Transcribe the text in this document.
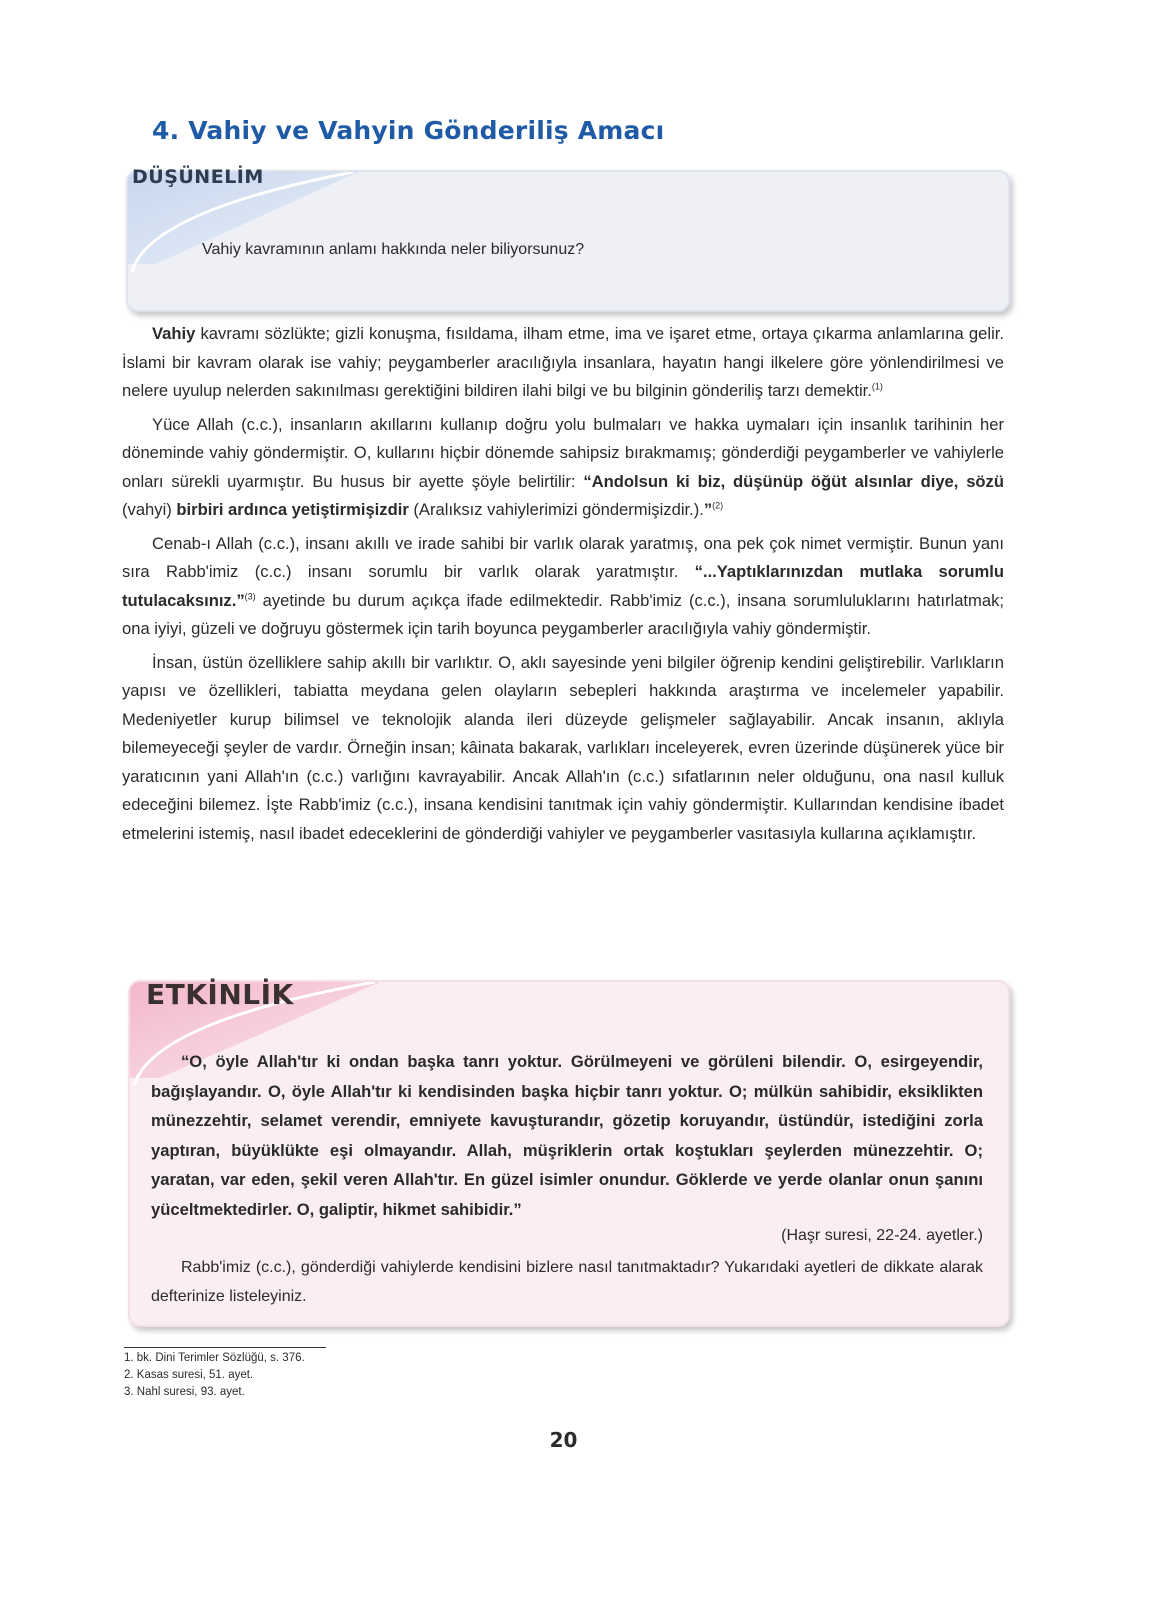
4. Vahiy ve Vahyin Gönderiliş Amacı
DÜŞÜNELİM
Vahiy kavramının anlamı hakkında neler biliyorsunuz?

Vahiy kavramı sözlükte; gizli konuşma, fısıldama, ilham etme, ima ve işaret etme, ortaya çıkarma anlamlarına gelir. İslami bir kavram olarak ise vahiy; peygamberler aracılığıyla insanlara, hayatın hangi ilkelere göre yönlendirilmesi ve nelere uyulup nelerden sakınılması gerektiğini bildiren ilahi bilgi ve bu bilginin gönderiliş tarzı demektir.$^{(1)}$

Yüce Allah (c.c.), insanların akıllarını kullanıp doğru yolu bulmaları ve hakka uymaları için insanlık tarihinin her döneminde vahiy göndermiştir. O, kullarını hiçbir dönemde sahipsiz bırakmamış; gönderdiği peygamberler ve vahiylerle onları sürekli uyarmıştır. Bu husus bir ayette şöyle belirtilir: “Andolsun ki biz, düşünüp öğüt alsınlar diye, sözü (vahyi) birbiri ardınca yetiştirmişizdir (Aralıksız vahiylerimizi göndermişizdir.).”$^{(2)}$

Cenab-ı Allah (c.c.), insanı akıllı ve irade sahibi bir varlık olarak yaratmış, ona pek çok nimet vermiştir. Bunun yanı sıra Rabb'imiz (c.c.) insanı sorumlu bir varlık olarak yaratmıştır. “...Yaptıklarınızdan mutlaka sorumlu tutulacaksınız.”$^{(3)}$ ayetinde bu durum açıkça ifade edilmektedir. Rabb'imiz (c.c.), insana sorumluluklarını hatırlatmak; ona iyiyi, güzeli ve doğruyu göstermek için tarih boyunca peygamberler aracılığıyla vahiy göndermiştir.

İnsan, üstün özelliklere sahip akıllı bir varlıktır. O, aklı sayesinde yeni bilgiler öğrenip kendini geliştirebilir. Varlıkların yapısı ve özellikleri, tabiatta meydana gelen olayların sebepleri hakkında araştırma ve incelemeler yapabilir. Medeniyetler kurup bilimsel ve teknolojik alanda ileri düzeyde gelişmeler sağlayabilir. Ancak insanın, aklıyla bilemeyeceği şeyler de vardır. Örneğin insan; kâinata bakarak, varlıkları inceleyerek, evren üzerinde düşünerek yüce bir yaratıcının yani Allah'ın (c.c.) varlığını kavrayabilir. Ancak Allah'ın (c.c.) sıfatlarının neler olduğunu, ona nasıl kulluk edeceğini bilemez. İşte Rabb'imiz (c.c.), insana kendisini tanıtmak için vahiy göndermiştir. Kullarından kendisine ibadet etmelerini istemiş, nasıl ibadet edeceklerini de gönderdiği vahiyler ve peygamberler vasıtasıyla kullarına açıklamıştır.

ETKİNLİK

“O, öyle Allah'tır ki ondan başka tanrı yoktur. Görülmeyeni ve görüleni bilendir. O, esirgeyendir, bağışlayandır. O, öyle Allah'tır ki kendisinden başka hiçbir tanrı yoktur. O; mülkün sahibidir, eksiklikten münezzehtir, selamet verendir, emniyete kavuşturandır, gözetip koruyandır, üstündür, istediğini zorla yaptıran, büyüklükte eşi olmayandır. Allah, müşriklerin ortak koştukları şeylerden münezzehtir. O; yaratan, var eden, şekil veren Allah'tır. En güzel isimler onundur. Göklerde ve yerde olanlar onun şanını yüceltmektedirler. O, galiptir, hikmet sahibidir.”

(Haşr suresi, 22-24. ayetler.)

Rabb'imiz (c.c.), gönderdiği vahiylerde kendisini bizlere nasıl tanıtmaktadır? Yukarıdaki ayetleri de dikkate alarak defterinize listeleyiniz.

1. bk. Dini Terimler Sözlüğü, s. 376.
2. Kasas suresi, 51. ayet.
3. Nahl suresi, 93. ayet.
20
